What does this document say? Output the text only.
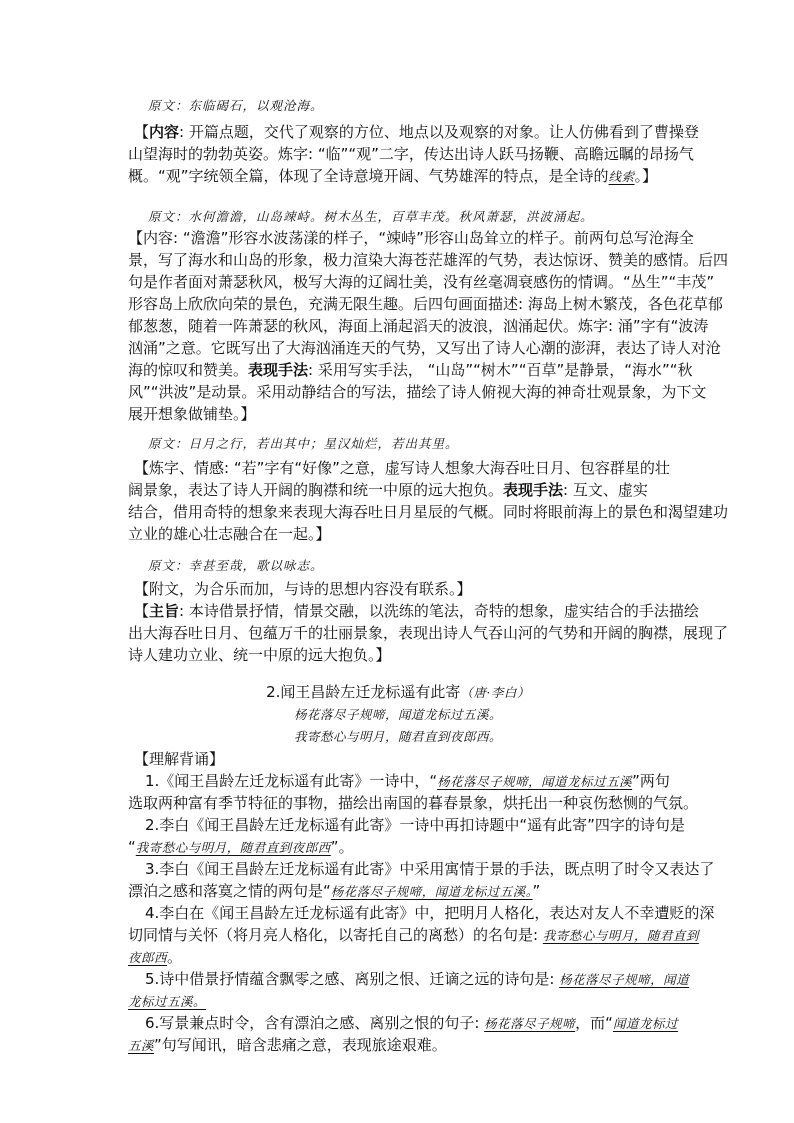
原文：东临碣石，以观沧海。
【内容: 开篇点题，交代了观察的方位、地点以及观察的对象。让人仿佛看到了曹操登
山望海时的勃勃英姿。炼字: “临”“观”二字，传达出诗人跃马扬鞭、高瞻远瞩的昂扬气
概。“观”字统领全篇，体现了全诗意境开阔、气势雄浑的特点，是全诗的线索。】
原文：水何澹澹，山岛竦峙。树木丛生，百草丰茂。秋风萧瑟，洪波涌起。
【内容: “澹澹”形容水波荡漾的样子，“竦峙”形容山岛耸立的样子。前两句总写沧海全
景，写了海水和山岛的形象，极力渲染大海苍茫雄浑的气势，表达惊讶、赞美的感情。后四
句是作者面对萧瑟秋风，极写大海的辽阔壮美，没有丝毫凋衰感伤的情调。“丛生”“丰茂”
形容岛上欣欣向荣的景色，充满无限生趣。后四句画面描述: 海岛上树木繁茂，各色花草郁
郁葱葱，随着一阵萧瑟的秋风，海面上涌起滔天的波浪，汹涌起伏。炼字: 涌”字有“波涛
汹涌”之意。它既写出了大海汹涌连天的气势，又写出了诗人心潮的澎湃，表达了诗人对沧
海的惊叹和赞美。表现手法: 采用写实手法， “山岛”“树木”“百草”是静景，“海水”“秋
风”“洪波”是动景。采用动静结合的写法，描绘了诗人俯视大海的神奇壮观景象，为下文
展开想象做铺垫。】
原文：日月之行，若出其中；星汉灿烂，若出其里。
【炼字、情感: “若”字有“好像”之意，虚写诗人想象大海吞吐日月、包容群星的壮
阔景象，表达了诗人开阔的胸襟和统一中原的远大抱负。表现手法: 互文、虚实
结合，借用奇特的想象来表现大海吞吐日月星辰的气概。同时将眼前海上的景色和渴望建功
立业的雄心壮志融合在一起。】
原文：幸甚至哉，歌以咏志。
【附文，为合乐而加，与诗的思想内容没有联系。】
【主旨: 本诗借景抒情，情景交融，以洗练的笔法，奇特的想象，虚实结合的手法描绘
出大海吞吐日月、包蕴万千的壮丽景象，表现出诗人气吞山河的气势和开阔的胸襟，展现了
诗人建功立业、统一中原的远大抱负。】
2.闻王昌龄左迁龙标遥有此寄（唐·李白）
杨花落尽子规啼，闻道龙标过五溪。
我寄愁心与明月，随君直到夜郎西。
【理解背诵】
1.《闻王昌龄左迁龙标遥有此寄》一诗中，“杨花落尽子规啼，闻道龙标过五溪”两句
选取两种富有季节特征的事物，描绘出南国的暮春景象，烘托出一种哀伤愁恻的气氛。
2.李白《闻王昌龄左迁龙标遥有此寄》一诗中再扣诗题中“遥有此寄”四字的诗句是
“我寄愁心与明月，随君直到夜郎西”。
3.李白《闻王昌龄左迁龙标遥有此寄》中采用寓情于景的手法，既点明了时令又表达了
漂泊之感和落寞之情的两句是“杨花落尽子规啼，闻道龙标过五溪。”
4.李白在《闻王昌龄左迁龙标遥有此寄》中，把明月人格化，表达对友人不幸遭贬的深
切同情与关怀（将月亮人格化，以寄托自己的离愁）的名句是: 我寄愁心与明月，随君直到
夜郎西。
5.诗中借景抒情蕴含飘零之感、离别之恨、迁谪之远的诗句是: 杨花落尽子规啼，闻道
龙标过五溪。
6.写景兼点时令，含有漂泊之感、离别之恨的句子: 杨花落尽子规啼，而“闻道龙标过
五溪”句写闻讯，暗含悲痛之意，表现旅途艰难。
